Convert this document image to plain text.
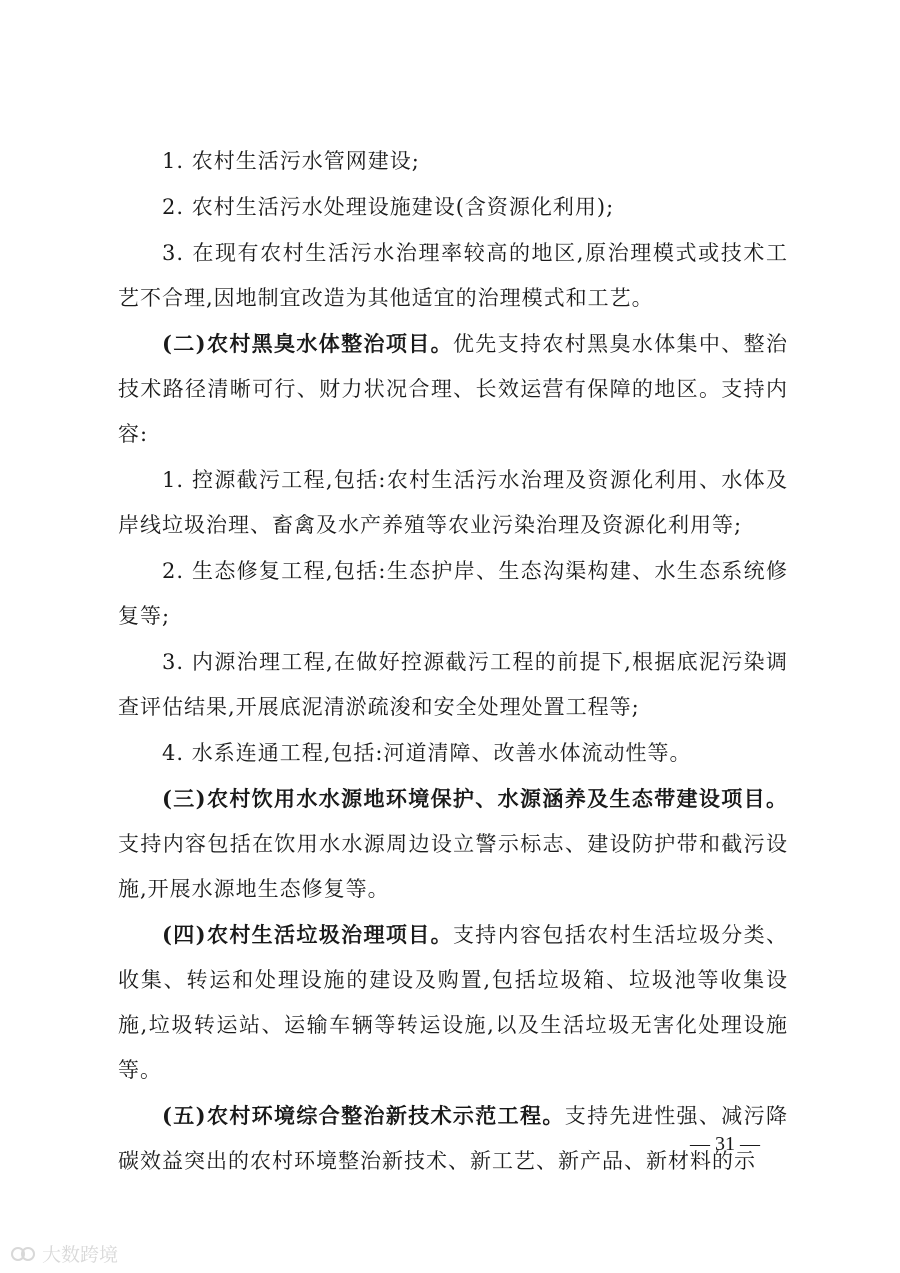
1. 农村生活污水管网建设;

2. 农村生活污水处理设施建设(含资源化利用);

3. 在现有农村生活污水治理率较高的地区,原治理模式或技术工艺不合理,因地制宜改造为其他适宜的治理模式和工艺。

(二)农村黑臭水体整治项目。优先支持农村黑臭水体集中、整治技术路径清晰可行、财力状况合理、长效运营有保障的地区。支持内容:

1. 控源截污工程,包括:农村生活污水治理及资源化利用、水体及岸线垃圾治理、畜禽及水产养殖等农业污染治理及资源化利用等;

2. 生态修复工程,包括:生态护岸、生态沟渠构建、水生态系统修复等;

3. 内源治理工程,在做好控源截污工程的前提下,根据底泥污染调查评估结果,开展底泥清淤疏浚和安全处理处置工程等;

4. 水系连通工程,包括:河道清障、改善水体流动性等。

(三)农村饮用水水源地环境保护、水源涵养及生态带建设项目。支持内容包括在饮用水水源周边设立警示标志、建设防护带和截污设施,开展水源地生态修复等。

(四)农村生活垃圾治理项目。支持内容包括农村生活垃圾分类、收集、转运和处理设施的建设及购置,包括垃圾箱、垃圾池等收集设施,垃圾转运站、运输车辆等转运设施,以及生活垃圾无害化处理设施等。

(五)农村环境综合整治新技术示范工程。支持先进性强、减污降碳效益突出的农村环境整治新技术、新工艺、新产品、新材料的示

— 31 —
大数跨境
